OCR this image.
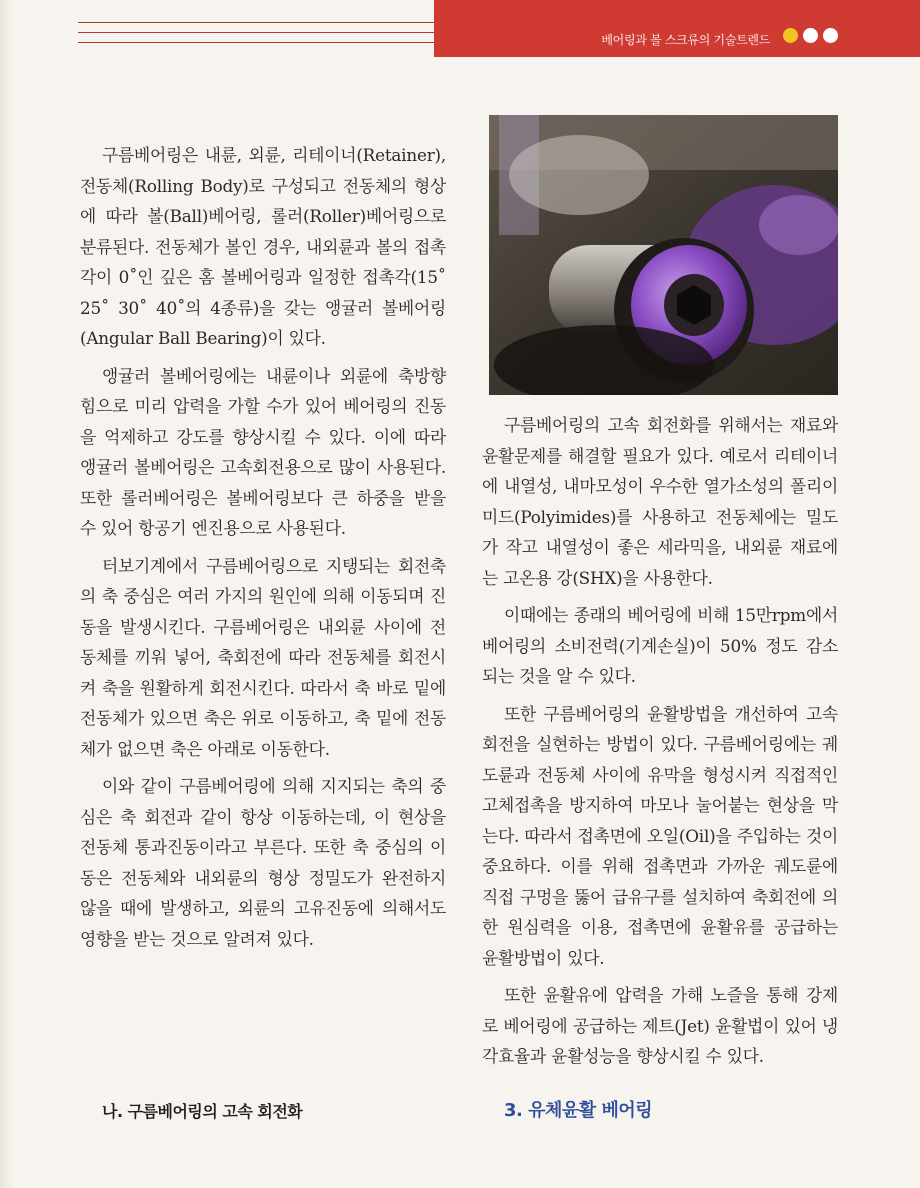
베어링과 볼 스크류의 기술트렌드

구름베어링은 내륜, 외륜, 리테이너(Retainer), 전동체(Rolling Body)로 구성되고 전동체의 형상에 따라 볼(Ball)베어링, 롤러(Roller)베어링으로 분류된다. 전동체가 볼인 경우, 내외륜과 볼의 접촉각이 0˚인 깊은 홈 볼베어링과 일정한 접촉각(15˚ 25˚ 30˚ 40˚의 4종류)을 갖는 앵귤러 볼베어링(Angular Ball Bearing)이 있다.

앵귤러 볼베어링에는 내륜이나 외륜에 축방향 힘으로 미리 압력을 가할 수가 있어 베어링의 진동을 억제하고 강도를 향상시킬 수 있다. 이에 따라 앵귤러 볼베어링은 고속회전용으로 많이 사용된다. 또한 롤러베어링은 볼베어링보다 큰 하중을 받을 수 있어 항공기 엔진용으로 사용된다.

터보기계에서 구름베어링으로 지탱되는 회전축의 축 중심은 여러 가지의 원인에 의해 이동되며 진동을 발생시킨다. 구름베어링은 내외륜 사이에 전동체를 끼워 넣어, 축회전에 따라 전동체를 회전시켜 축을 원활하게 회전시킨다. 따라서 축 바로 밑에 전동체가 있으면 축은 위로 이동하고, 축 밑에 전동체가 없으면 축은 아래로 이동한다.

이와 같이 구름베어링에 의해 지지되는 축의 중심은 축 회전과 같이 항상 이동하는데, 이 현상을 전동체 통과진동이라고 부른다. 또한 축 중심의 이동은 전동체와 내외륜의 형상 정밀도가 완전하지 않을 때에 발생하고, 외륜의 고유진동에 의해서도 영향을 받는 것으로 알려져 있다.

구름베어링의 고속 회전화를 위해서는 재료와 윤활문제를 해결할 필요가 있다. 예로서 리테이너에 내열성, 내마모성이 우수한 열가소성의 폴리이미드(Polyimides)를 사용하고 전동체에는 밀도가 작고 내열성이 좋은 세라믹을, 내외륜 재료에는 고온용 강(SHX)을 사용한다.

이때에는 종래의 베어링에 비해 15만rpm에서 베어링의 소비전력(기계손실)이 50% 정도 감소되는 것을 알 수 있다.

또한 구름베어링의 윤활방법을 개선하여 고속회전을 실현하는 방법이 있다. 구름베어링에는 궤도륜과 전동체 사이에 유막을 형성시켜 직접적인 고체접촉을 방지하여 마모나 눌어붙는 현상을 막는다. 따라서 접촉면에 오일(Oil)을 주입하는 것이 중요하다. 이를 위해 접촉면과 가까운 궤도륜에 직접 구멍을 뚫어 급유구를 설치하여 축회전에 의한 원심력을 이용, 접촉면에 윤활유를 공급하는 윤활방법이 있다.

또한 윤활유에 압력을 가해 노즐을 통해 강제로 베어링에 공급하는 제트(Jet) 윤활법이 있어 냉각효율과 윤활성능을 향상시킬 수 있다.

나. 구름베어링의 고속 회전화	3. 유체윤활 베어링
